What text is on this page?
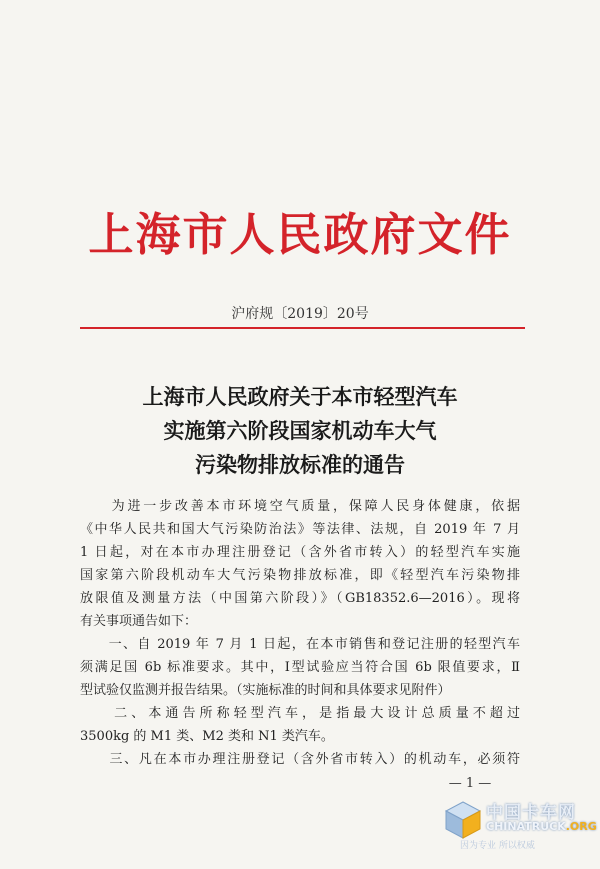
上海市人民政府文件
沪府规〔2019〕20号
上海市人民政府关于本市轻型汽车
实施第六阶段国家机动车大气
污染物排放标准的通告
　　为进一步改善本市环境空气质量，保障人民身体健康，依据
《中华人民共和国大气污染防治法》等法律、法规，自 2019 年 7 月
1 日起，对在本市办理注册登记（含外省市转入）的轻型汽车实施
国家第六阶段机动车大气污染物排放标准，即《轻型汽车污染物排
放限值及测量方法（中国第六阶段）》（GB18352.6—2016）。现将
有关事项通告如下：
　　一、自 2019 年 7 月 1 日起，在本市销售和登记注册的轻型汽车
须满足国 6b 标准要求。其中，Ⅰ型试验应当符合国 6b 限值要求，Ⅱ
型试验仅监测并报告结果。（实施标准的时间和具体要求见附件）
　　二、本通告所称轻型汽车，是指最大设计总质量不超过
3500kg 的 M1 类、M2 类和 N1 类汽车。
　　三、凡在本市办理注册登记（含外省市转入）的机动车，必须符
— 1 —
中国卡车网
CHINATRUCK.ORG
因为专业 所以权威
